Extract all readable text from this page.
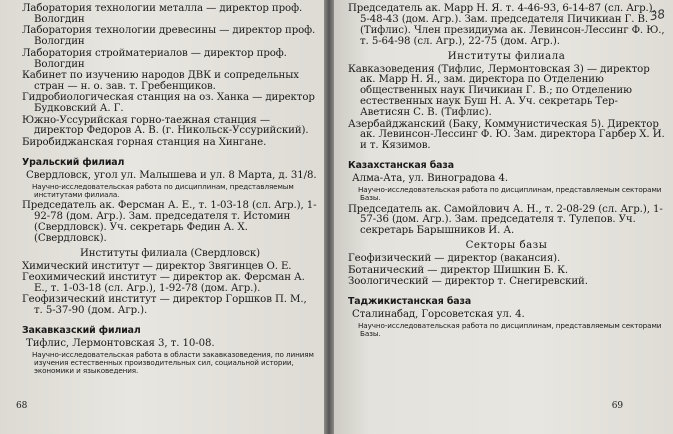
Лаборатория технологии металла — директор проф. Вологдин

Лаборатория технологии древесины — директор проф. Вологдин

Лаборатория стройматериалов — директор проф. Вологдин

Кабинет по изучению народов ДВК и сопредельных стран — н. о. зав. т. Гребенщиков.

Гидробиологическая станция на оз. Ханка — директор Будковский А. Г.

Южно-Уссурийская горно-таежная станция — директор Федоров А. В. (г. Никольск-Уссурийский).

Биробиджанская горная станция на Хингане.

Уральский филиал

Свердловск, угол ул. Малышева и ул. 8 Марта, д. 31/8.

Научно-исследовательская работа по дисциплинам, представляемым институтами филиала.

Председатель ак. Ферсман А. Е., т. 1-03-18 (сл. Агр.), 1-92-78 (дом. Агр.). Зам. председателя т. Истомин (Свердловск). Уч. секретарь Федин А. Х. (Свердловск).

Институты филиала (Свердловск)

Химический институт — директор Звягинцев О. Е.

Геохимический институт — директор ак. Ферсман А. Е., т. 1-03-18 (сл. Агр.), 1-92-78 (дом. Агр.).

Геофизический институт — директор Горшков П. М., т. 5-37-90 (дом. Агр.).

Закавказский филиал

Тифлис, Лермонтовская 3, т. 10-08.

Научно-исследовательская работа в области закавказоведения, по линиям изучения естественных производительных сил, социальной истории, экономики и языковедения.

68
38

Председатель ак. Марр Н. Я. т. 4-46-93, 6-14-87 (сл. Агр.), 5-48-43 (дом. Агр.). Зам. председателя Пичикиан Г. В. (Тифлис). Член президиума ак. Левинсон-Лессинг Ф. Ю., т. 5-64-98 (сл. Агр.), 22-75 (дом. Агр.).

Институты филиала

Кавказоведения (Тифлис, Лермонтовская 3) — директор ак. Марр Н. Я., зам. директора по Отделению общественных наук Пичикиан Г. В.; по Отделению естественных наук Буш Н. А. Уч. секретарь Тер-Аветисян С. В. (Тифлис).

Азербайджанский (Баку, Коммунистическая 5). Директор ак. Левинсон-Лессинг Ф. Ю. Зам. директора Гарбер Х. И. и т. Кязимов.

Казахстанская база

Алма-Ата, ул. Виноградова 4.

Научно-исследовательская работа по дисциплинам, представляемым секторами Базы.

Председатель ак. Самойлович А. Н., т. 2-08-29 (сл. Агр.), 1-57-36 (дом. Агр.). Зам. председателя т. Тулепов. Уч. секретарь Барышников И. А.

Секторы базы

Геофизический — директор (вакансия).

Ботанический — директор Шишкин Б. К.

Зоологический — директор т. Снегиревский.

Таджикистанская база

Сталинабад, Горсоветская ул. 4.

Научно-исследовательская работа по дисциплинам, представляемым секторами Базы.

69
